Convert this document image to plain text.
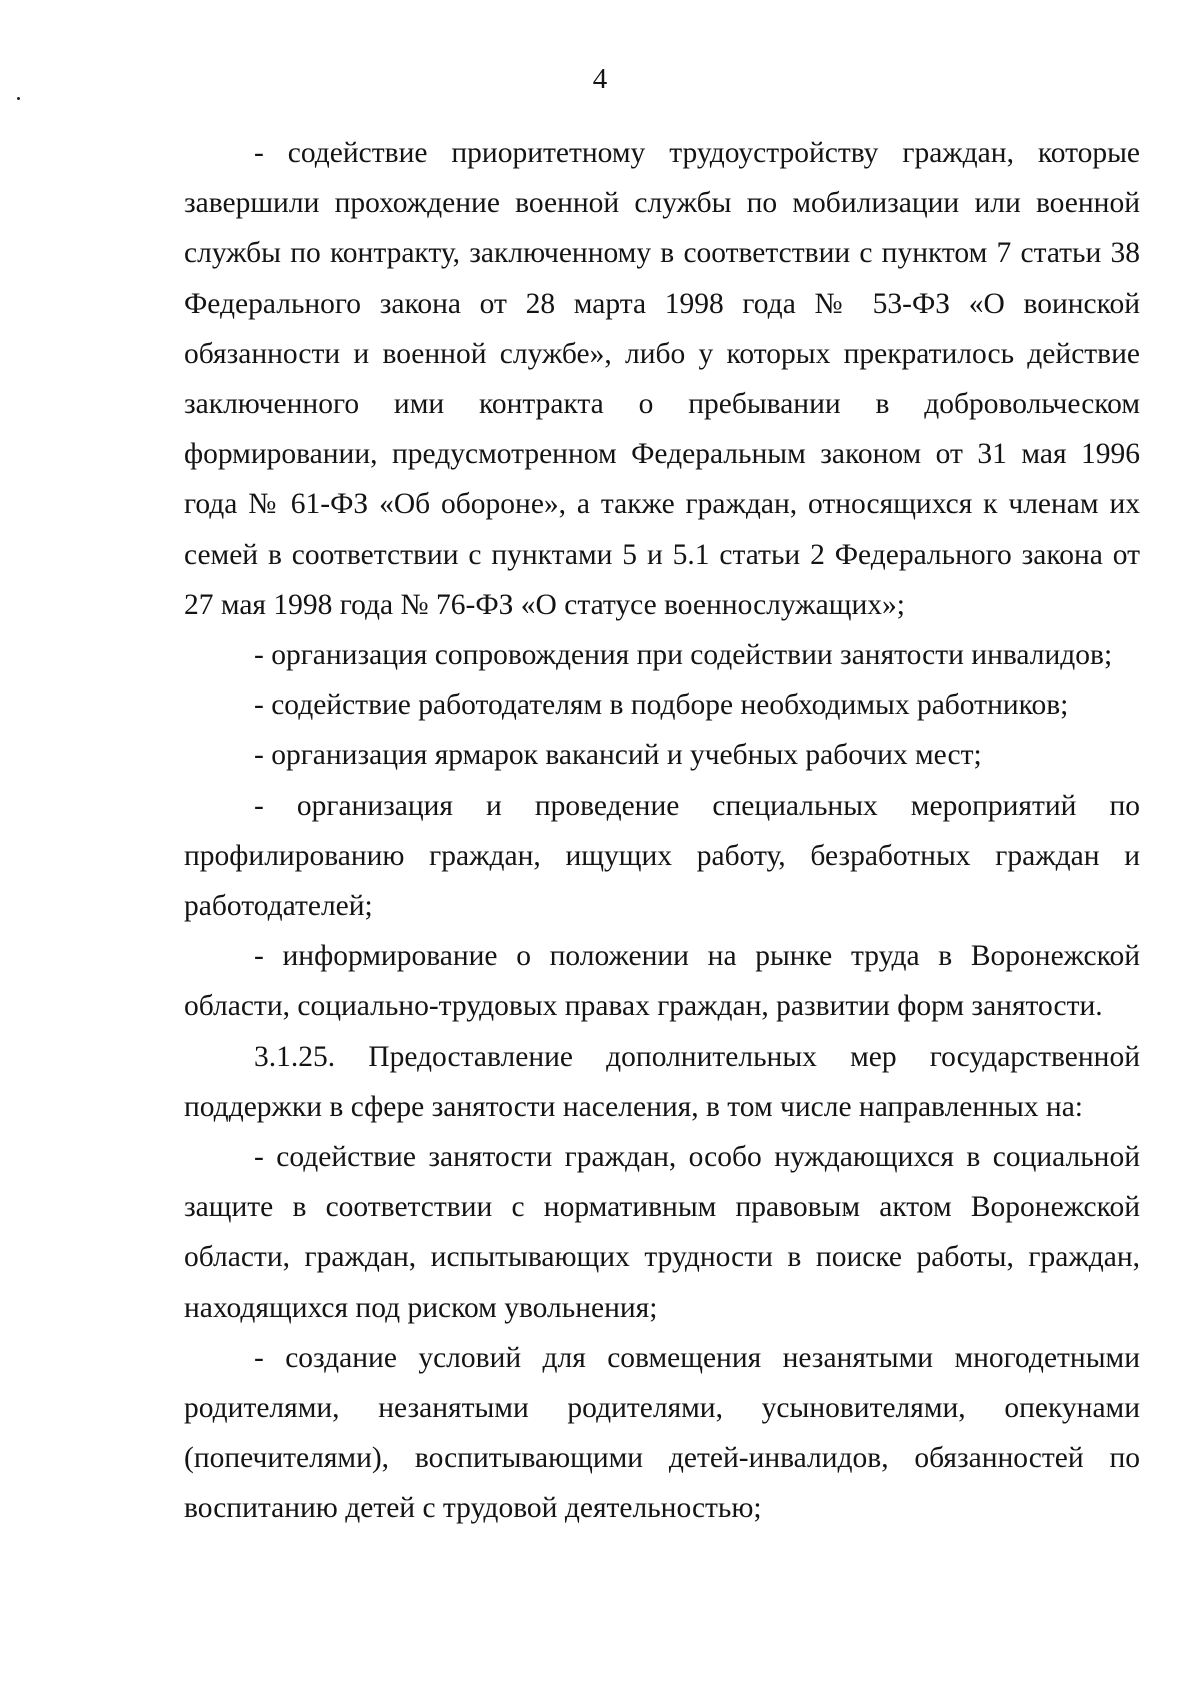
4

- содействие приоритетному трудоустройству граждан, которые завершили прохождение военной службы по мобилизации или военной службы по контракту, заключенному в соответствии с пунктом 7 статьи 38 Федерального закона от 28 марта 1998 года № 53-ФЗ «О воинской обязанности и военной службе», либо у которых прекратилось действие заключенного ими контракта о пребывании в добровольческом формировании, предусмотренном Федеральным законом от 31 мая 1996 года № 61-ФЗ «Об обороне», а также граждан, относящихся к членам их семей в соответствии с пунктами 5 и 5.1 статьи 2 Федерального закона от 27 мая 1998 года № 76-ФЗ «О статусе военнослужащих»;

- организация сопровождения при содействии занятости инвалидов;

- содействие работодателям в подборе необходимых работников;

- организация ярмарок вакансий и учебных рабочих мест;

- организация и проведение специальных мероприятий по профилированию граждан, ищущих работу, безработных граждан и работодателей;

- информирование о положении на рынке труда в Воронежской области, социально-трудовых правах граждан, развитии форм занятости.

3.1.25. Предоставление дополнительных мер государственной поддержки в сфере занятости населения, в том числе направленных на:

- содействие занятости граждан, особо нуждающихся в социальной защите в соответствии с нормативным правовым актом Воронежской области, граждан, испытывающих трудности в поиске работы, граждан, находящихся под риском увольнения;

- создание условий для совмещения незанятыми многодетными родителями, незанятыми родителями, усыновителями, опекунами (попечителями), воспитывающими детей-инвалидов, обязанностей по воспитанию детей с трудовой деятельностью;
